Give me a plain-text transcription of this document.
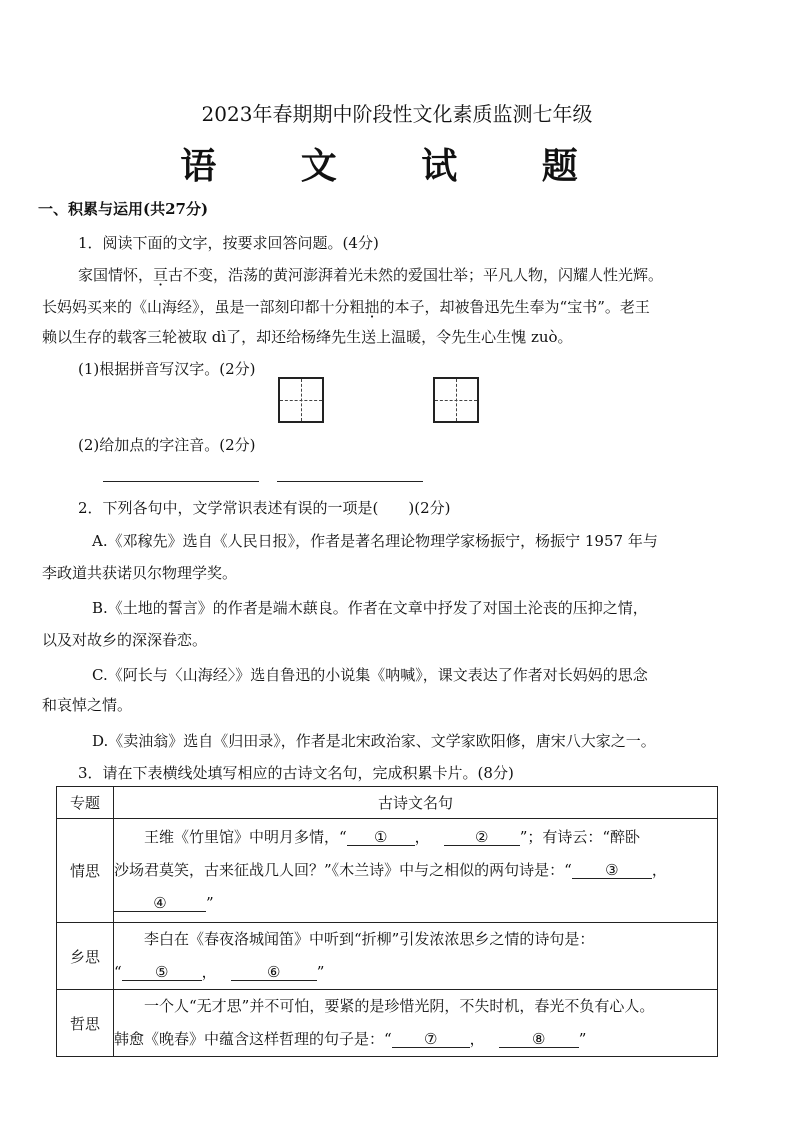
2023年春期期中阶段性文化素质监测七年级
语 文 试 题
一、积累与运用(共27分)
1．阅读下面的文字，按要求回答问题。(4分)
家国情怀，亘古不变，浩荡的黄河澎湃着光未然的爱国壮举；平凡人物，闪耀人性光辉。
长妈妈买来的《山海经》，虽是一部刻印都十分粗拙的本子，却被鲁迅先生奉为“宝书”。老王
赖以生存的载客三轮被取 dì了，却还给杨绛先生送上温暖，令先生心生愧 zuò。
(1)根据拼音写汉字。(2分)
(2)给加点的字注音。(2分)
2．下列各句中，文学常识表述有误的一项是(　　)(2分)
A.《邓稼先》选自《人民日报》，作者是著名理论物理学家杨振宁，杨振宁 1957 年与
李政道共获诺贝尔物理学奖。
B.《土地的誓言》的作者是端木蕻良。作者在文章中抒发了对国土沦丧的压抑之情，
以及对故乡的深深眷恋。
C.《阿长与〈山海经〉》选自鲁迅的小说集《呐喊》，课文表达了作者对长妈妈的思念
和哀悼之情。
D.《卖油翁》选自《归田录》，作者是北宋政治家、文学家欧阳修，唐宋八大家之一。
3．请在下表横线处填写相应的古诗文名句，完成积累卡片。(8分)
专题	古诗文名句
情思	王维《竹里馆》中明月多情，“ ① ， ② ”；有诗云：“醉卧
沙场君莫笑，古来征战几人回？”《木兰诗》中与之相似的两句诗是：“ ③ ，
④ ”
乡思	李白在《春夜洛城闻笛》中听到“折柳”引发浓浓思乡之情的诗句是：
“ ⑤ ， ⑥ ”
哲思	一个人“无才思”并不可怕，要紧的是珍惜光阴，不失时机，春光不负有心人。
韩愈《晚春》中蕴含这样哲理的句子是：“ ⑦ ， ⑧ ”
